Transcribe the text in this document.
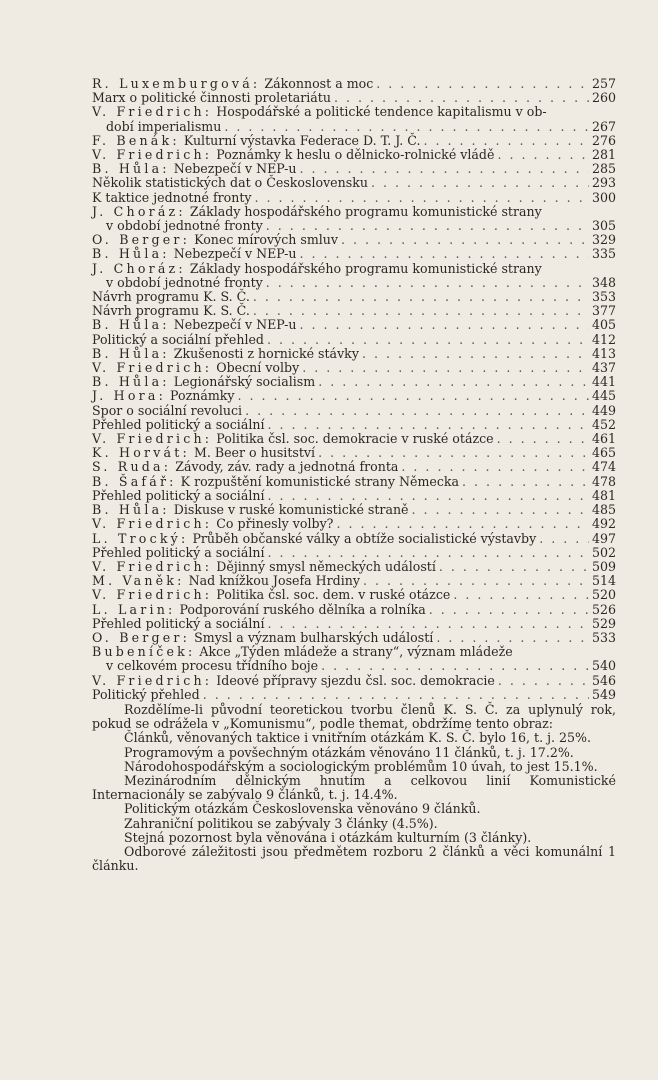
R. Luxemburgová: Zákonnost a moc . . .	257
Marx o politické činnosti proletariátu . . .	260
V. Friedrich: Hospodářské a politické tendence kapitalismu v ob-
dobí imperialismu . . .	267
F. Benák: Kulturní výstavka Federace D. T. J. Č. . . .	276
V. Friedrich: Poznámky k heslu o dělnicko-rolnické vládě . . .	281
B. Hůla: Nebezpečí v NEP-u . . .	285
Několik statistických dat o Československu . . .	293
K taktice jednotné fronty . . .	300
J. Choráz: Základy hospodářského programu komunistické strany
v období jednotné fronty . . .	305
O. Berger: Konec mírových smluv . . .	329
B. Hůla: Nebezpečí v NEP-u . . .	335
J. Choráz: Základy hospodářského programu komunistické strany
v období jednotné fronty . . .	348
Návrh programu K. S. Č. . . .	353
Návrh programu K. S. Č. . . .	377
B. Hůla: Nebezpečí v NEP-u . . .	405
Politický a sociální přehled . . .	412
B. Hůla: Zkušenosti z hornické stávky . . .	413
V. Friedrich: Obecní volby . . .	437
B. Hůla: Legionářský socialism . . .	441
J. Hora: Poznámky . . .	445
Spor o sociální revoluci . . .	449
Přehled politický a sociální . . .	452
V. Friedrich: Politika čsl. soc. demokracie v ruské otázce . . .	461
K. Horvát: M. Beer o husitství . . .	465
S. Ruda: Závody, záv. rady a jednotná fronta . . .	474
B. Šafář: K rozpuštění komunistické strany Německa . . .	478
Přehled politický a sociální . . .	481
B. Hůla: Diskuse v ruské komunistické straně . . .	485
V. Friedrich: Co přinesly volby? . . .	492
L. Trocký: Průběh občanské války a obtíže socialistické výstavby . . .	497
Přehled politický a sociální . . .	502
V. Friedrich: Dějinný smysl německých událostí . . .	509
M. Vaněk: Nad knížkou Josefa Hrdiny . . .	514
V. Friedrich: Politika čsl. soc. dem. v ruské otázce . . .	520
L. Larin: Podporování ruského dělníka a rolníka . . .	526
Přehled politický a sociální . . .	529
O. Berger: Smysl a význam bulharských událostí . . .	533
Bubeníček: Akce „Týden mládeže a strany“, význam mládeže
v celkovém procesu třídního boje . . .	540
V. Friedrich: Ideové přípravy sjezdu čsl. soc. demokracie . . .	546
Politický přehled . . .	549

Rozdělíme-li původní teoretickou tvorbu členů K. S. Č. za uplynulý rok, pokud se odrážela v „Komunismu“, podle themat, obdržíme tento obraz:

Článků, věnovaných taktice i vnitřním otázkám K. S. Č. bylo 16, t. j. 25%.

Programovým a povšechným otázkám věnováno 11 článků, t. j. 17.2%.

Národohospodářským a sociologickým problémům 10 úvah, to jest 15.1%.

Mezinárodním dělnickým hnutím a celkovou linií Komunistické Internacionály se zabývalo 9 článků, t. j. 14.4%.

Politickým otázkám Československa věnováno 9 článků.

Zahraniční politikou se zabývaly 3 články (4.5%).

Stejná pozornost byla věnována i otázkám kulturním (3 články).

Odborové záležitosti jsou předmětem rozboru 2 článků a věci komunální 1 článku.
